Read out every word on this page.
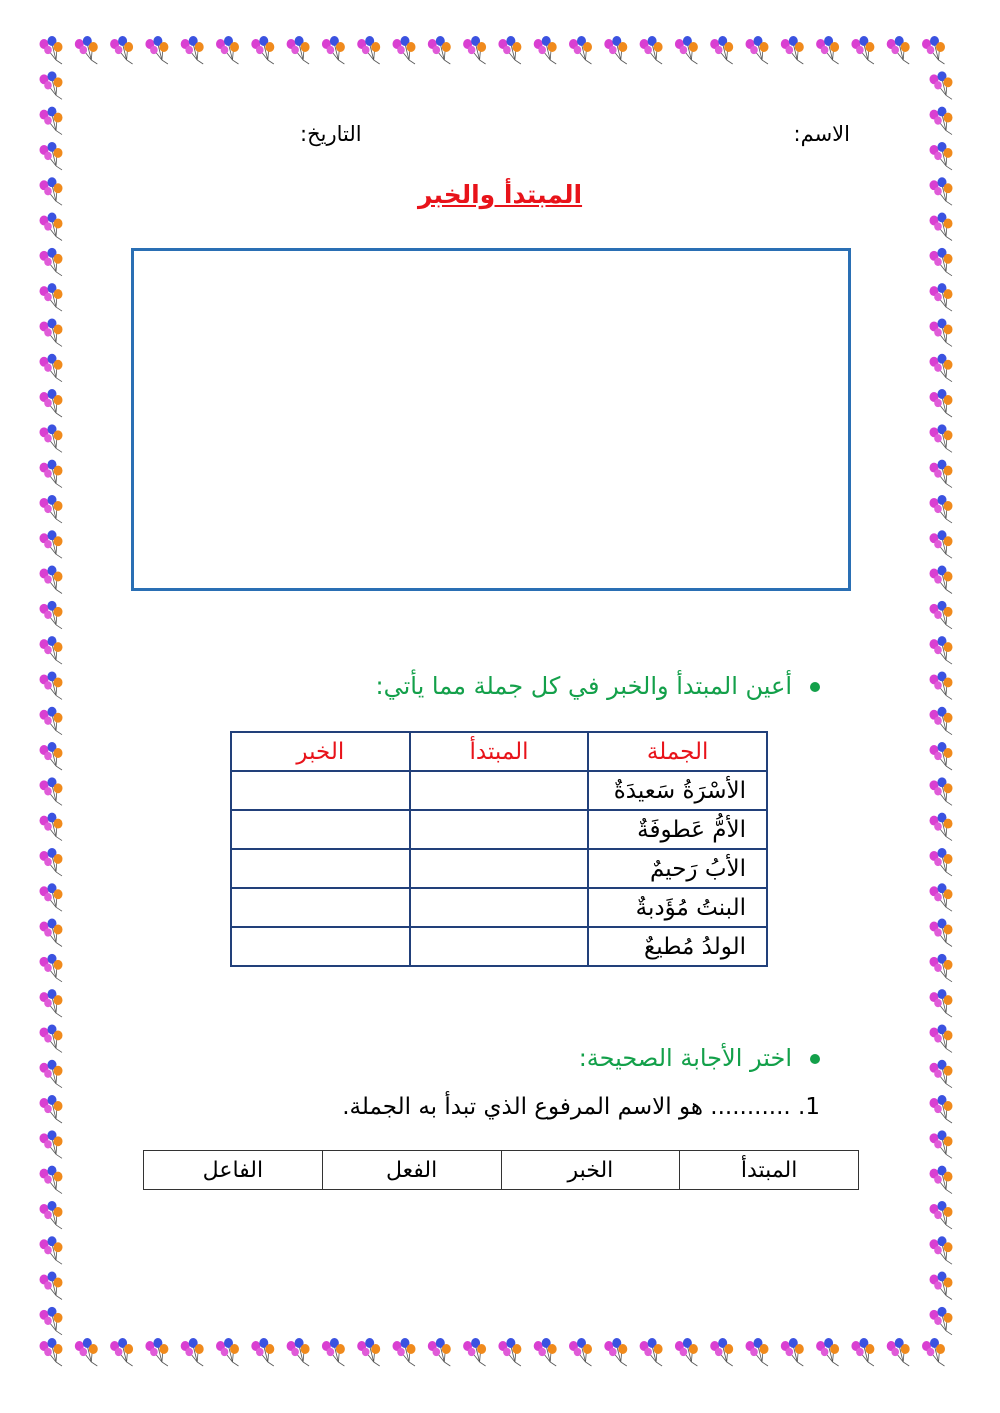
الاسم:
التاريخ:
المبتدأ والخبر
أعين المبتدأ والخبر في كل جملة مما يأتي:
الجملة	المبتدأ	الخبر
الأسْرَةُ سَعيدَةٌ		
الأمُّ عَطوفَةٌ		
الأبُ رَحيمٌ		
البنتُ مُؤَدبةٌ		
الولدُ مُطيعٌ		
اختر الأجابة الصحيحة:
1. ........... هو الاسم المرفوع الذي تبدأ به الجملة.
المبتدأ	الخبر	الفعل	الفاعل
